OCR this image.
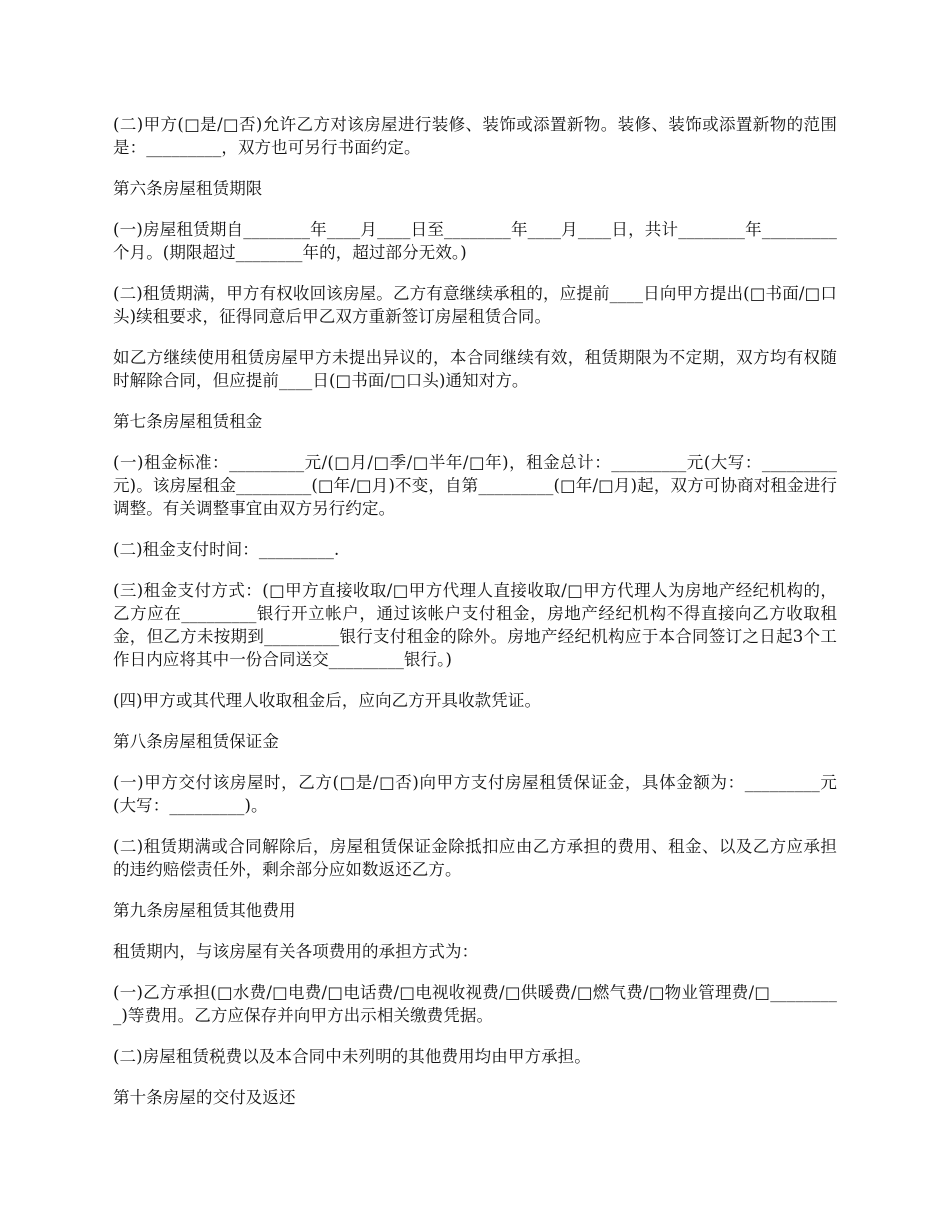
(二)甲方(□是/□否)允许乙方对该房屋进行装修、装饰或添置新物。装修、装饰或添置新物的范围是：_________，双方也可另行书面约定。

第六条房屋租赁期限

(一)房屋租赁期自________年____月____日至________年____月____日，共计________年_________个月。(期限超过________年的，超过部分无效。)

(二)租赁期满，甲方有权收回该房屋。乙方有意继续承租的，应提前____日向甲方提出(□书面/□口头)续租要求，征得同意后甲乙双方重新签订房屋租赁合同。

如乙方继续使用租赁房屋甲方未提出异议的，本合同继续有效，租赁期限为不定期，双方均有权随时解除合同，但应提前____日(□书面/□口头)通知对方。

第七条房屋租赁租金

(一)租金标准：_________元/(□月/□季/□半年/□年)，租金总计：_________元(大写：_________元)。该房屋租金_________(□年/□月)不变，自第_________(□年/□月)起，双方可协商对租金进行调整。有关调整事宜由双方另行约定。

(二)租金支付时间：_________.

(三)租金支付方式：(□甲方直接收取/□甲方代理人直接收取/□甲方代理人为房地产经纪机构的，乙方应在_________银行开立帐户，通过该帐户支付租金，房地产经纪机构不得直接向乙方收取租金，但乙方未按期到_________银行支付租金的除外。房地产经纪机构应于本合同签订之日起3个工作日内应将其中一份合同送交_________银行。)

(四)甲方或其代理人收取租金后，应向乙方开具收款凭证。

第八条房屋租赁保证金

(一)甲方交付该房屋时，乙方(□是/□否)向甲方支付房屋租赁保证金，具体金额为：_________元(大写：_________)。

(二)租赁期满或合同解除后，房屋租赁保证金除抵扣应由乙方承担的费用、租金、以及乙方应承担的违约赔偿责任外，剩余部分应如数返还乙方。

第九条房屋租赁其他费用

租赁期内，与该房屋有关各项费用的承担方式为：

(一)乙方承担(□水费/□电费/□电话费/□电视收视费/□供暖费/□燃气费/□物业管理费/□_________)等费用。乙方应保存并向甲方出示相关缴费凭据。

(二)房屋租赁税费以及本合同中未列明的其他费用均由甲方承担。

第十条房屋的交付及返还
